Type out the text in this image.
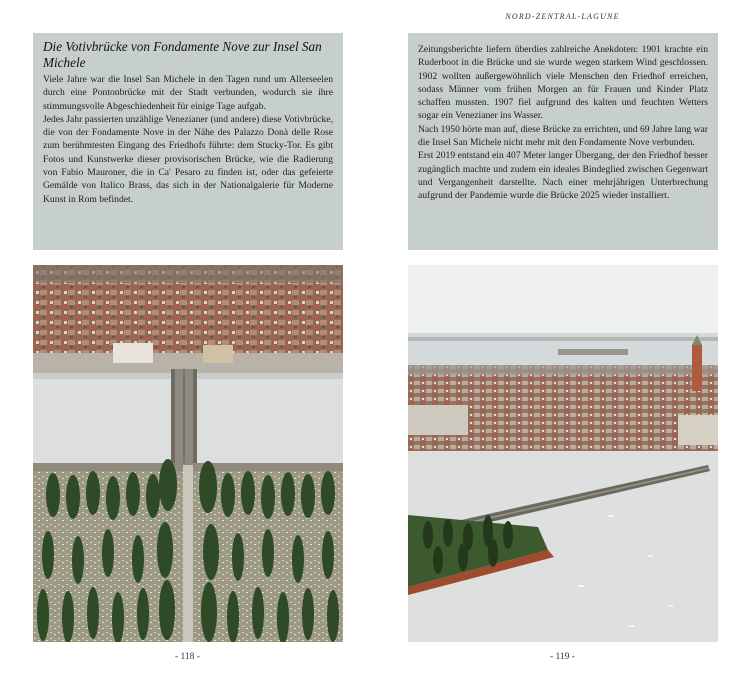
Die Votivbrücke von Fondamente Nove zur Insel San Michele

Viele Jahre war die Insel San Michele in den Tagen rund um Allerseelen durch eine Pontonbrücke mit der Stadt verbunden, wodurch sie ihre stimmungsvolle Abgeschiedenheit für einige Tage aufgab.

Jedes Jahr passierten unzählige Venezianer (und andere) diese Votivbrücke, die von der Fondamente Nove in der Nähe des Palazzo Donà delle Rose zum berühmtesten Eingang des Friedhofs führte: dem Stucky-Tor. Es gibt Fotos und Kunstwerke dieser provisorischen Brücke, wie die Radierung von Fabio Mauroner, die in Ca' Pesaro zu finden ist, oder das gefeierte Gemälde von Italico Brass, das sich in der Nationalgalerie für Moderne Kunst in Rom befindet.

- 118 -
NORD-ZENTRAL-LAGUNE

Zeitungsberichte liefern überdies zahlreiche Anekdoten: 1901 krachte ein Ruderboot in die Brücke und sie wurde wegen starkem Wind geschlossen. 1902 wollten außergewöhnlich viele Menschen den Friedhof erreichen, sodass Männer vom frühen Morgen an für Frauen und Kinder Platz schaffen mussten. 1907 fiel aufgrund des kalten und feuchten Wetters sogar ein Venezianer ins Wasser.

Nach 1950 hörte man auf, diese Brücke zu errichten, und 69 Jahre lang war die Insel San Michele nicht mehr mit den Fondamente Nove verbunden.

Erst 2019 entstand ein 407 Meter langer Übergang, der den Friedhof besser zugänglich machte und zudem ein ideales Bindeglied zwischen Gegenwart und Vergangenheit darstellte. Nach einer mehrjährigen Unterbrechung aufgrund der Pandemie wurde die Brücke 2025 wieder installiert.

- 119 -
